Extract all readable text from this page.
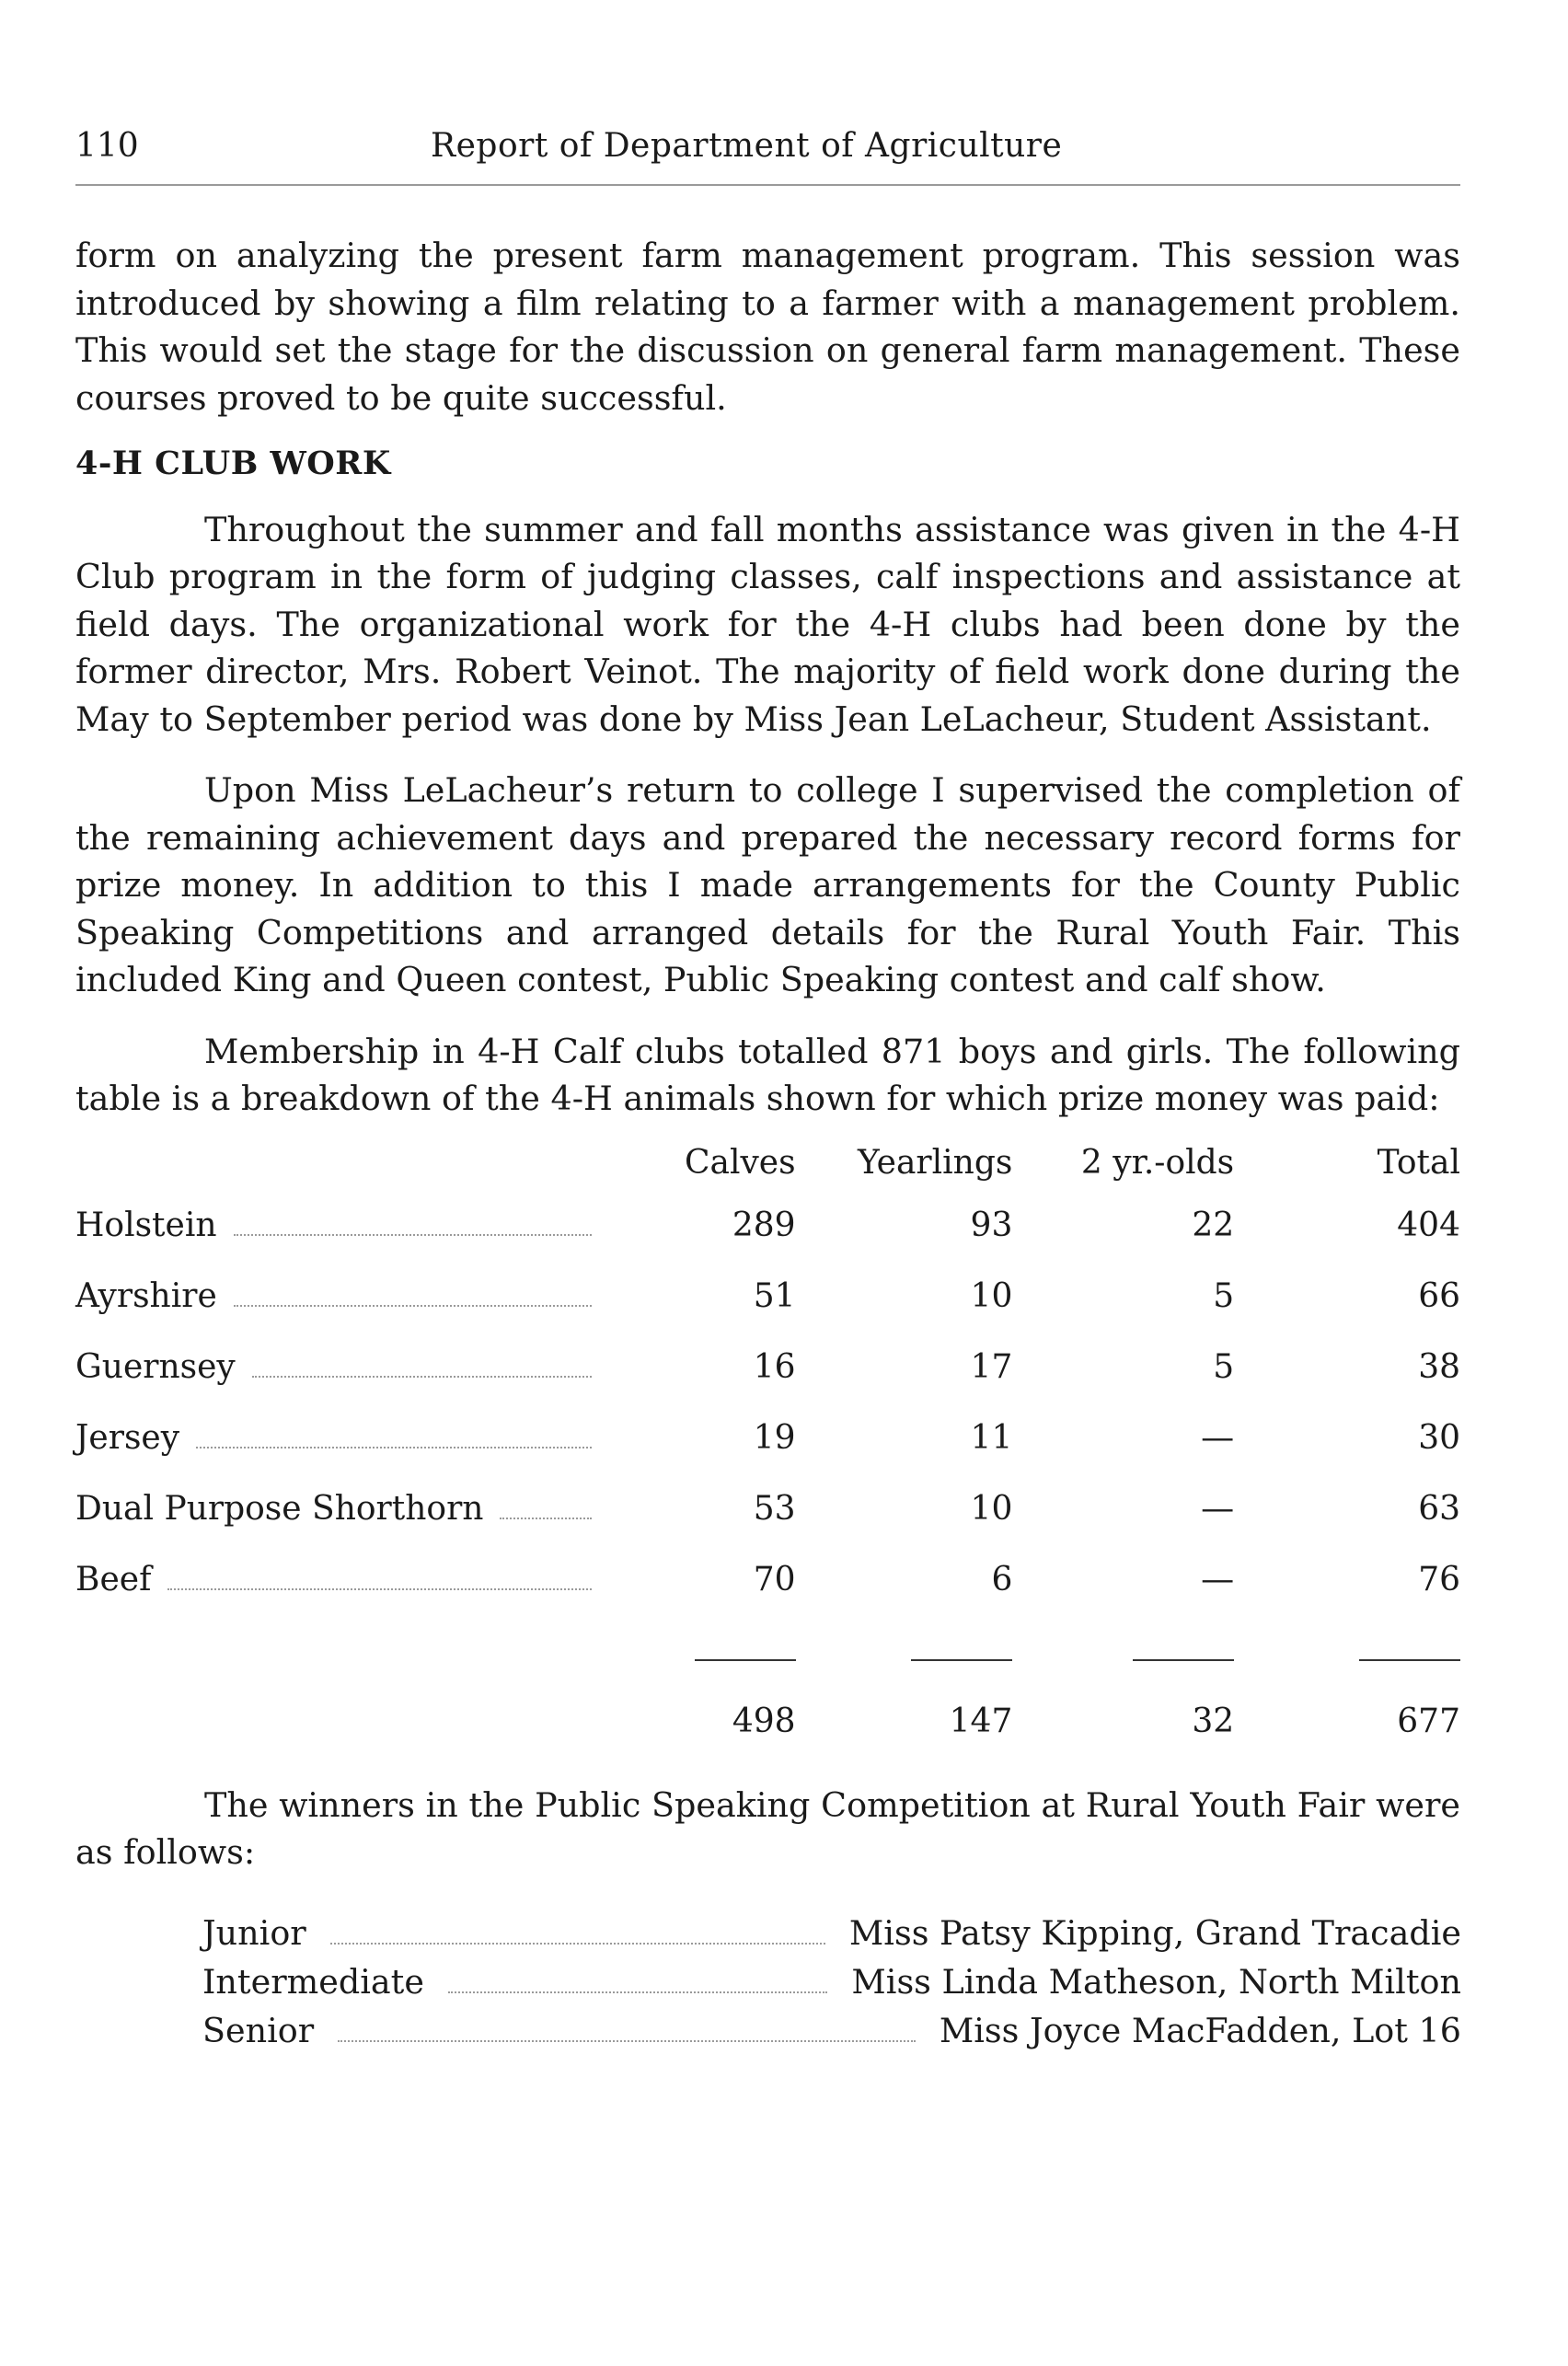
110	Report of Department of Agriculture

form on analyzing the present farm management program. This session was introduced by showing a film relating to a farmer with a management problem. This would set the stage for the discussion on general farm management. These courses proved to be quite successful.

4-H CLUB WORK

Throughout the summer and fall months assistance was given in the 4-H Club program in the form of judging classes, calf inspections and assistance at field days. The organizational work for the 4-H clubs had been done by the former director, Mrs. Robert Veinot. The majority of field work done during the May to September period was done by Miss Jean LeLacheur, Student Assistant.

Upon Miss LeLacheur’s return to college I supervised the completion of the remaining achievement days and prepared the necessary record forms for prize money. In addition to this I made arrangements for the County Public Speaking Competitions and arranged details for the Rural Youth Fair. This included King and Queen contest, Public Speaking contest and calf show.

Membership in 4-H Calf clubs totalled 871 boys and girls. The following table is a breakdown of the 4-H animals shown for which prize money was paid:

	Calves	Yearlings	2 yr.-olds	Total

Holstein	289	93	22	404

Ayrshire	51	10	5	66

Guernsey	16	17	5	38

Jersey	19	11	—	30

Dual Purpose Shorthorn	53	10	—	63

Beef	70	6	—	76

	498	147	32	677

The winners in the Public Speaking Competition at Rural Youth Fair were as follows:

Junior	Miss Patsy Kipping, Grand Tracadie
Intermediate	Miss Linda Matheson, North Milton
Senior	Miss Joyce MacFadden, Lot 16
